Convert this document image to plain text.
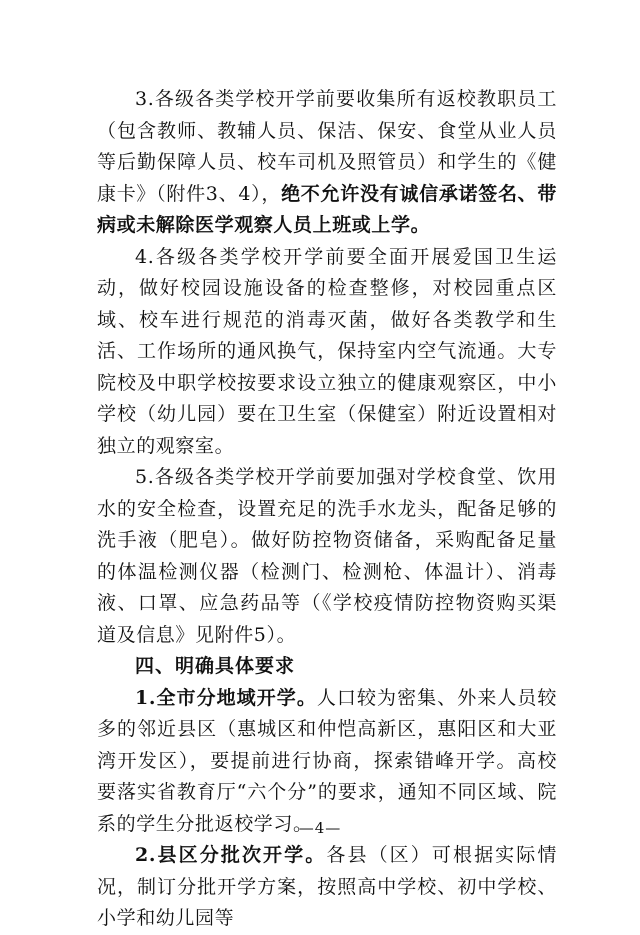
3.各级各类学校开学前要收集所有返校教职员工（包含教师、教辅人员、保洁、保安、食堂从业人员等后勤保障人员、校车司机及照管员）和学生的《健康卡》（附件3、4），绝不允许没有诚信承诺签名、带病或未解除医学观察人员上班或上学。

4.各级各类学校开学前要全面开展爱国卫生运动，做好校园设施设备的检查整修，对校园重点区域、校车进行规范的消毒灭菌，做好各类教学和生活、工作场所的通风换气，保持室内空气流通。大专院校及中职学校按要求设立独立的健康观察区，中小学校（幼儿园）要在卫生室（保健室）附近设置相对独立的观察室。

5.各级各类学校开学前要加强对学校食堂、饮用水的安全检查，设置充足的洗手水龙头，配备足够的洗手液（肥皂）。做好防控物资储备，采购配备足量的体温检测仪器（检测门、检测枪、体温计）、消毒液、口罩、应急药品等（《学校疫情防控物资购买渠道及信息》见附件5）。

四、明确具体要求

1.全市分地域开学。人口较为密集、外来人员较多的邻近县区（惠城区和仲恺高新区，惠阳区和大亚湾开发区），要提前进行协商，探索错峰开学。高校要落实省教育厅“六个分”的要求，通知不同区域、院系的学生分批返校学习。

2.县区分批次开学。各县（区）可根据实际情况，制订分批开学方案，按照高中学校、初中学校、小学和幼儿园等

—4—
